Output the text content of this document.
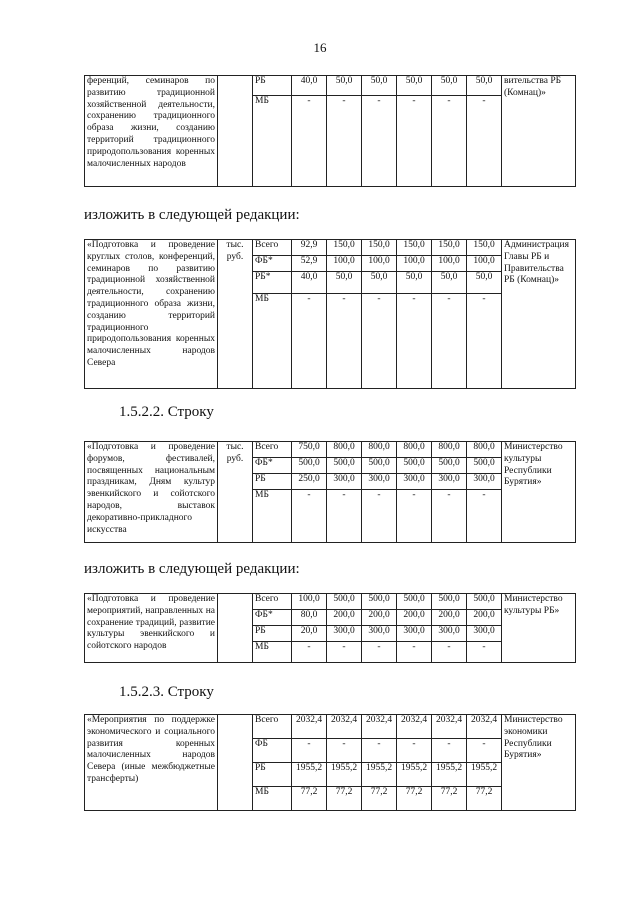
16
ференций, семинаров по развитию традиционной хозяйственной деятельности, сохранению традиционного образа жизни, созданию территорий традиционного природопользования коренных малочисленных народов		РБ	40,0	50,0	50,0	50,0	50,0	50,0	вительства РБ (Комнац)»
		МБ	-	-	-	-	-	-	
изложить в следующей редакции:
«Подготовка и проведение круглых столов, конференций, семинаров по развитию традиционной хозяйственной деятельности, сохранению традиционного образа жизни, созданию территорий традиционного природопользования коренных малочисленных народов Севера	тыс. руб.	Всего	92,9	150,0	150,0	150,0	150,0	150,0	Администрация Главы РБ и Правительства РБ (Комнац)»
		ФБ*	52,9	100,0	100,0	100,0	100,0	100,0	
		РБ*	40,0	50,0	50,0	50,0	50,0	50,0	
		МБ	-	-	-	-	-	-	
1.5.2.2. Строку
«Подготовка и проведение форумов, фестивалей, посвященных национальным праздникам, Дням культур эвенкийского и сойотского народов, выставок декоративно-прикладного искусства	тыс. руб.	Всего	750,0	800,0	800,0	800,0	800,0	800,0	Министерство культуры Республики Бурятия»
		ФБ*	500,0	500,0	500,0	500,0	500,0	500,0	
		РБ	250,0	300,0	300,0	300,0	300,0	300,0	
		МБ	-	-	-	-	-	-	
изложить в следующей редакции:
«Подготовка и проведение мероприятий, направленных на сохранение традиций, развитие культуры эвенкийского и сойотского народов		Всего	100,0	500,0	500,0	500,0	500,0	500,0	Министерство культуры РБ»
		ФБ*	80,0	200,0	200,0	200,0	200,0	200,0	
		РБ	20,0	300,0	300,0	300,0	300,0	300,0	
		МБ	-	-	-	-	-	-	
1.5.2.3. Строку
«Мероприятия по поддержке экономического и социального развития коренных малочисленных народов Севера (иные межбюджетные трансферты)		Всего	2032,4	2032,4	2032,4	2032,4	2032,4	2032,4	Министерство экономики Республики Бурятия»
		ФБ	-	-	-	-	-	-	
		РБ	1955,2	1955,2	1955,2	1955,2	1955,2	1955,2	
		МБ	77,2	77,2	77,2	77,2	77,2	77,2	
